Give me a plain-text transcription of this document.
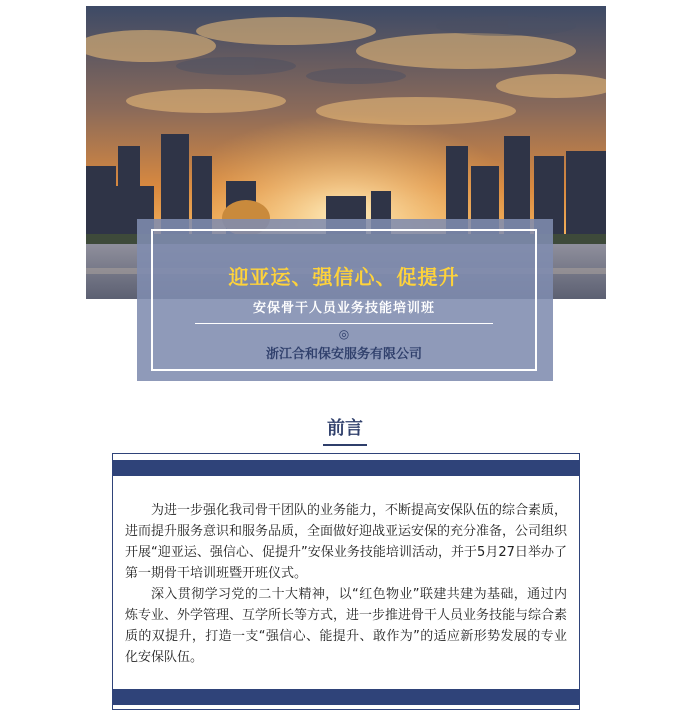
迎亚运、强信心、促提升
安保骨干人员业务技能培训班
◎
浙江合和保安服务有限公司
前言

为进一步强化我司骨干团队的业务能力，不断提高安保队伍的综合素质，进而提升服务意识和服务品质，全面做好迎战亚运安保的充分准备，公司组织开展“迎亚运、强信心、促提升”安保业务技能培训活动，并于5月27日举办了第一期骨干培训班暨开班仪式。

深入贯彻学习党的二十大精神，以“红色物业”联建共建为基础，通过内炼专业、外学管理、互学所长等方式，进一步推进骨干人员业务技能与综合素质的双提升，打造一支“强信心、能提升、敢作为”的适应新形势发展的专业化安保队伍。
